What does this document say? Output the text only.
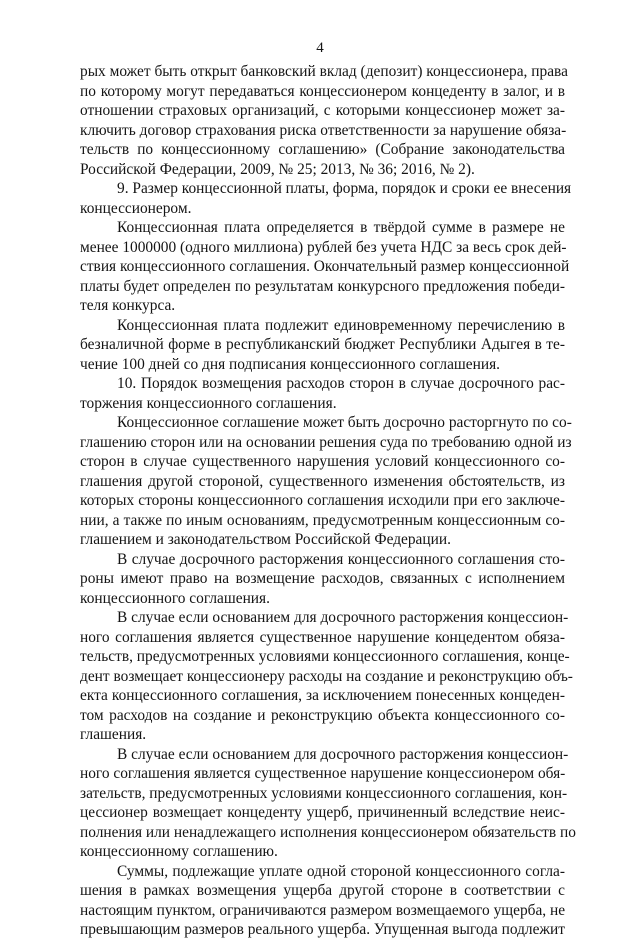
4
рых может быть открыт банковский вклад (депозит) концессионера, права
по которому могут передаваться концессионером концеденту в залог, и в
отношении страховых организаций, с которыми концессионер может за-
ключить договор страхования риска ответственности за нарушение обяза-
тельств по концессионному соглашению» (Собрание законодательства
Российской Федерации, 2009, № 25; 2013, № 36; 2016, № 2).
9. Размер концессионной платы, форма, порядок и сроки ее внесения
концессионером.
Концессионная плата определяется в твёрдой сумме в размере не
менее 1000000 (одного миллиона) рублей без учета НДС за весь срок дей-
ствия концессионного соглашения. Окончательный размер концессионной
платы будет определен по результатам конкурсного предложения победи-
теля конкурса.
Концессионная плата подлежит единовременному перечислению в
безналичной форме в республиканский бюджет Республики Адыгея в те-
чение 100 дней со дня подписания концессионного соглашения.
10. Порядок возмещения расходов сторон в случае досрочного рас-
торжения концессионного соглашения.
Концессионное соглашение может быть досрочно расторгнуто по со-
глашению сторон или на основании решения суда по требованию одной из
сторон в случае существенного нарушения условий концессионного со-
глашения другой стороной, существенного изменения обстоятельств, из
которых стороны концессионного соглашения исходили при его заключе-
нии, а также по иным основаниям, предусмотренным концессионным со-
глашением и законодательством Российской Федерации.
В случае досрочного расторжения концессионного соглашения сто-
роны имеют право на возмещение расходов, связанных с исполнением
концессионного соглашения.
В случае если основанием для досрочного расторжения концессион-
ного соглашения является существенное нарушение концедентом обяза-
тельств, предусмотренных условиями концессионного соглашения, конце-
дент возмещает концессионеру расходы на создание и реконструкцию объ-
екта концессионного соглашения, за исключением понесенных концеден-
том расходов на создание и реконструкцию объекта концессионного со-
глашения.
В случае если основанием для досрочного расторжения концессион-
ного соглашения является существенное нарушение концессионером обя-
зательств, предусмотренных условиями концессионного соглашения, кон-
цессионер возмещает концеденту ущерб, причиненный вследствие неис-
полнения или ненадлежащего исполнения концессионером обязательств по
концессионному соглашению.
Суммы, подлежащие уплате одной стороной концессионного согла-
шения в рамках возмещения ущерба другой стороне в соответствии с
настоящим пунктом, ограничиваются размером возмещаемого ущерба, не
превышающим размеров реального ущерба. Упущенная выгода подлежит
